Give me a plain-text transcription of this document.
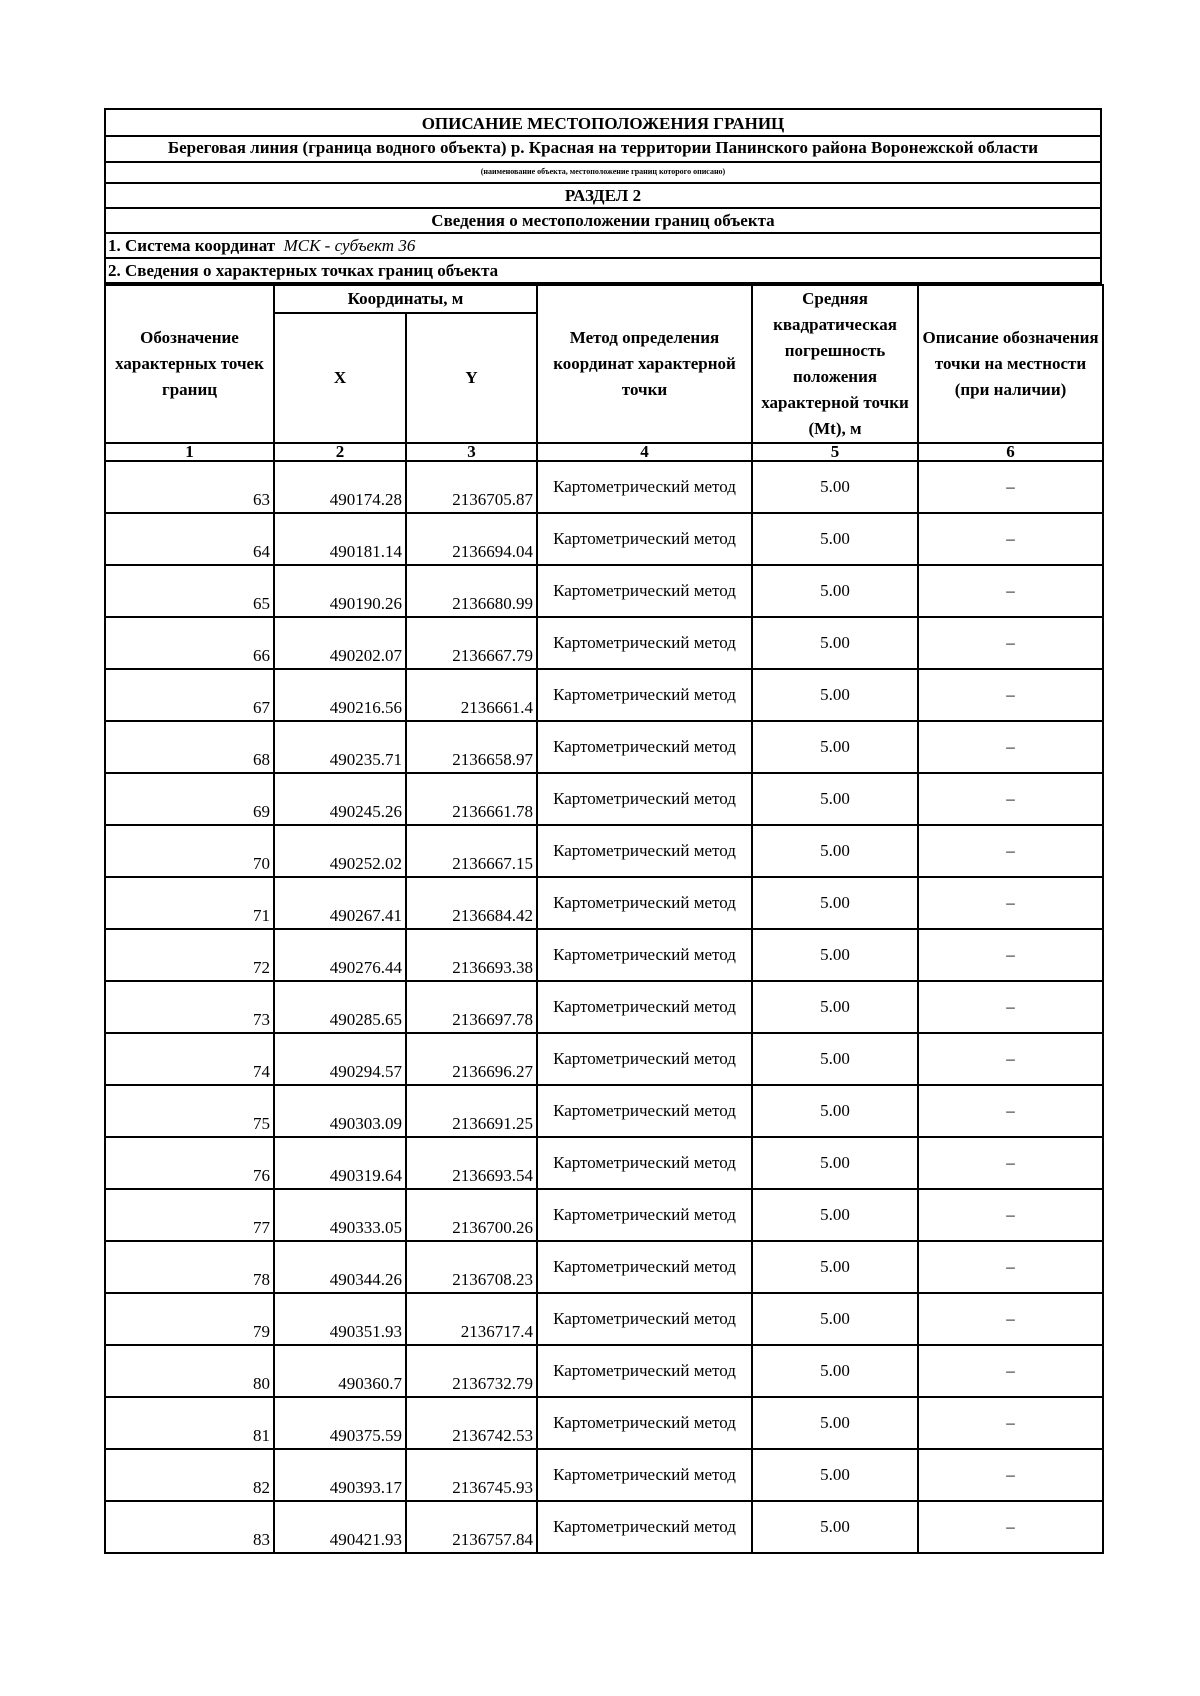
ОПИСАНИЕ МЕСТОПОЛОЖЕНИЯ ГРАНИЦ
Береговая линия (граница водного объекта) р. Красная на территории Панинского района Воронежской области
(наименование объекта, местоположение границ которого описано)
РАЗДЕЛ 2
Сведения о местоположении границ объекта
1. Система координат МСК - субъект 36
2. Сведения о характерных точках границ объекта
Обозначение характерных точек границ	Координаты, м		Метод определения координат характерной точки	Средняя квадратическая погрешность положения характерной точки (Mt), м	Описание обозначения точки на местности (при наличии)
	X	Y			
1	2	3	4	5	6
63	490174.28	2136705.87	Картометрический метод	5.00	–
64	490181.14	2136694.04	Картометрический метод	5.00	–
65	490190.26	2136680.99	Картометрический метод	5.00	–
66	490202.07	2136667.79	Картометрический метод	5.00	–
67	490216.56	2136661.4	Картометрический метод	5.00	–
68	490235.71	2136658.97	Картометрический метод	5.00	–
69	490245.26	2136661.78	Картометрический метод	5.00	–
70	490252.02	2136667.15	Картометрический метод	5.00	–
71	490267.41	2136684.42	Картометрический метод	5.00	–
72	490276.44	2136693.38	Картометрический метод	5.00	–
73	490285.65	2136697.78	Картометрический метод	5.00	–
74	490294.57	2136696.27	Картометрический метод	5.00	–
75	490303.09	2136691.25	Картометрический метод	5.00	–
76	490319.64	2136693.54	Картометрический метод	5.00	–
77	490333.05	2136700.26	Картометрический метод	5.00	–
78	490344.26	2136708.23	Картометрический метод	5.00	–
79	490351.93	2136717.4	Картометрический метод	5.00	–
80	490360.7	2136732.79	Картометрический метод	5.00	–
81	490375.59	2136742.53	Картометрический метод	5.00	–
82	490393.17	2136745.93	Картометрический метод	5.00	–
83	490421.93	2136757.84	Картометрический метод	5.00	–
